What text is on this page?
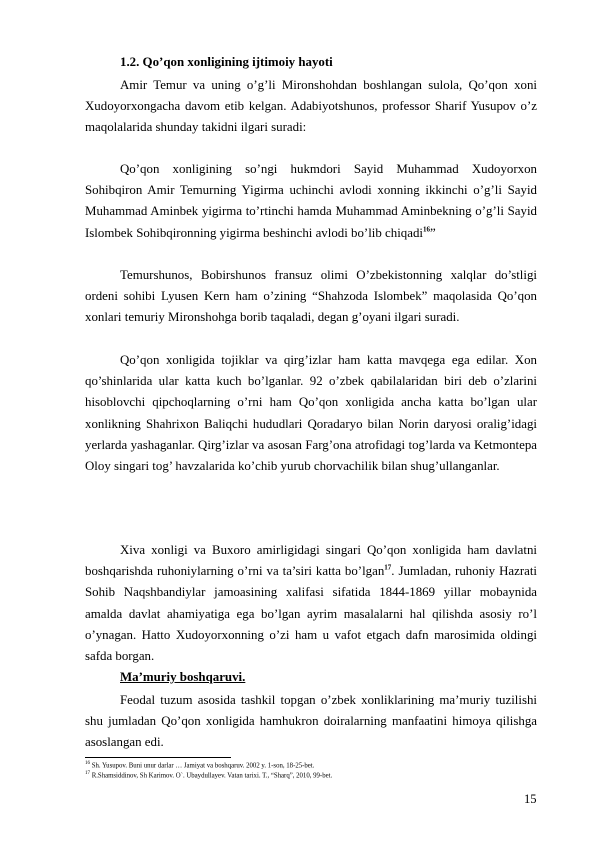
1.2. Qo’qon xonligining ijtimoiy hayoti
Amir Temur va uning o’g’li Mironshohdan boshlangan sulola, Qo’qon xoni Xudoyorxongacha davom etib kelgan. Adabiyotshunos, professor Sharif Yusupov o’z maqolalarida shunday takidni ilgari suradi:
Qo’qon xonligining so’ngi hukmdori Sayid Muhammad Xudoyorxon Sohibqiron Amir Temurning Yigirma uchinchi avlodi xonning ikkinchi o’g’li Sayid Muhammad Aminbek yigirma to’rtinchi hamda Muhammad Aminbekning o’g’li Sayid Islombek Sohibqironning yigirma beshinchi avlodi bo’lib chiqadi$^{16}$”
Temurshunos, Bobirshunos fransuz olimi O’zbekistonning xalqlar do’stligi ordeni sohibi Lyusen Kern ham o’zining “Shahzoda Islombek” maqolasida Qo’qon xonlari temuriy Mironshohga borib taqaladi, degan g’oyani ilgari suradi.
Qo’qon xonligida tojiklar va qirg’izlar ham katta mavqega ega edilar. Xon qo’shinlarida ular katta kuch bo’lganlar. 92 o’zbek qabilalaridan biri deb o’zlarini hisoblovchi qipchoqlarning o’rni ham Qo’qon xonligida ancha katta bo’lgan ular xonlikning Shahrixon Baliqchi hududlari Qoradaryo bilan Norin daryosi oralig’idagi yerlarda yashaganlar. Qirg’izlar va asosan Farg’ona atrofidagi tog’larda va Ketmontepa Oloy singari tog’ havzalarida ko’chib yurub chorvachilik bilan shug’ullanganlar.
Xiva xonligi va Buxoro amirligidagi singari Qo’qon xonligida ham davlatni boshqarishda ruhoniylarning o’rni va ta’siri katta bo’lgan$^{17}$. Jumladan, ruhoniy Hazrati Sohib Naqshbandiylar jamoasining xalifasi sifatida 1844-1869 yillar mobaynida amalda davlat ahamiyatiga ega bo’lgan ayrim masalalarni hal qilishda asosiy ro’l o’ynagan. Hatto Xudoyorxonning o’zi ham u vafot etgach dafn marosimida oldingi safda borgan.
Ma’muriy boshqaruvi.
Feodal tuzum asosida tashkil topgan o’zbek xonliklarining ma’muriy tuzilishi shu jumladan Qo’qon xonligida hamhukron doiralarning manfaatini himoya qilishga asoslangan edi.
$^{16}$ Sh. Yusupov. Buni unur darlar … Jamiyat va boshqaruv. 2002 y. 1-son, 18-25-bet.
$^{17}$ R.Shamsiddinov, Sh Karimov. O`. Ubaydullayev. Vatan tarixi. T., “Sharq”, 2010, 99-bet.
15
